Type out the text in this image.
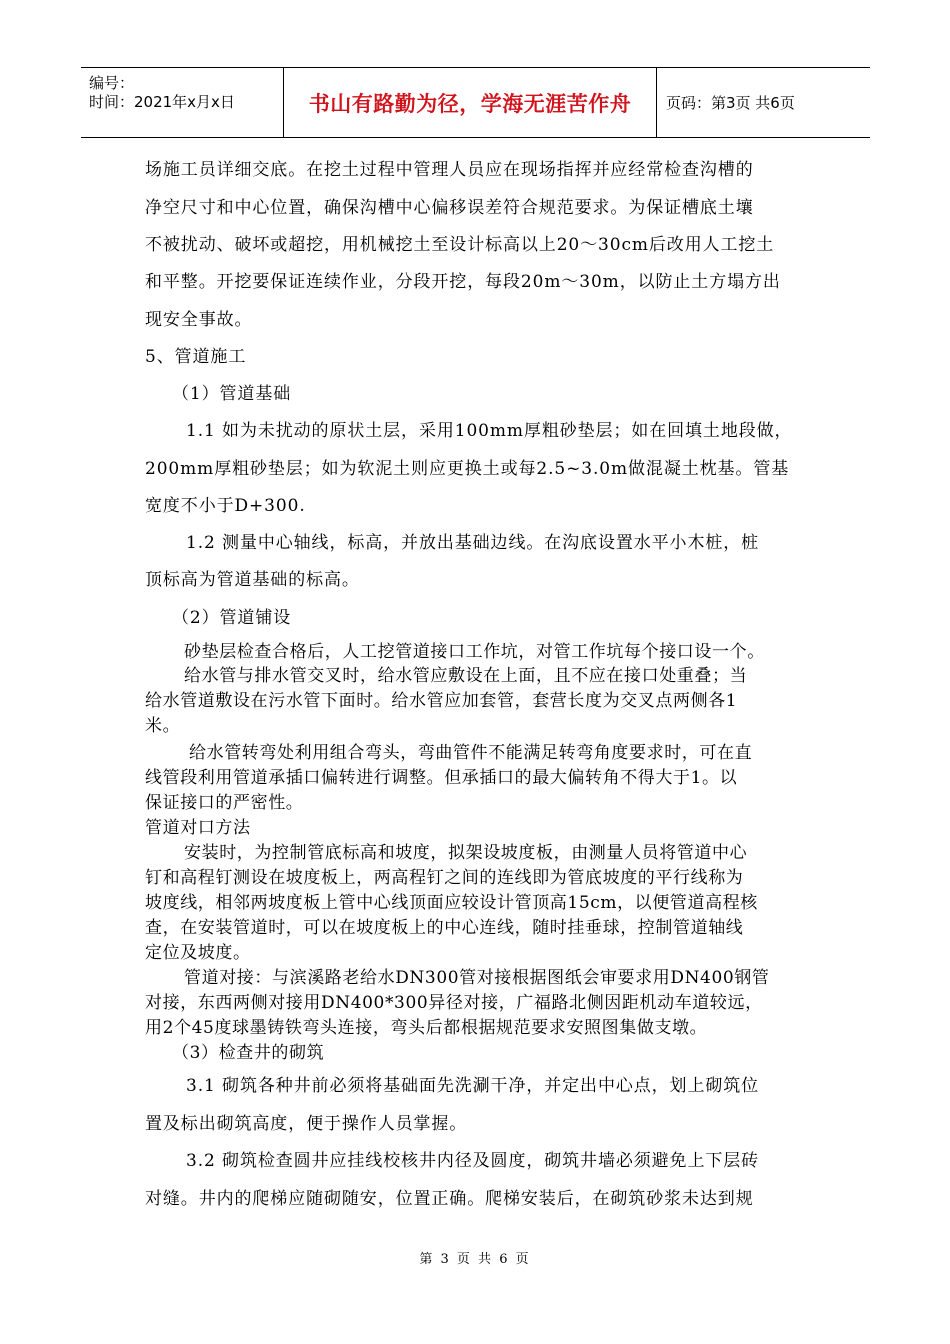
编号：
时间：2021年x月x日	书山有路勤为径，学海无涯苦作舟	页码：第3页 共6页
场施工员详细交底。在挖土过程中管理人员应在现场指挥并应经常检查沟槽的
净空尺寸和中心位置，确保沟槽中心偏移误差符合规范要求。为保证槽底土壤
不被扰动、破坏或超挖，用机械挖土至设计标高以上20～30cm后改用人工挖土
和平整。开挖要保证连续作业，分段开挖，每段20m～30m，以防止土方塌方出
现安全事故。
5、管道施工
（1）管道基础
1.1 如为未扰动的原状土层，采用100mm厚粗砂垫层；如在回填土地段做，
200mm厚粗砂垫层；如为软泥土则应更换土或每2.5~3.0m做混凝土枕基。管基
宽度不小于D+300.
1.2 测量中心轴线，标高，并放出基础边线。在沟底设置水平小木桩，桩
顶标高为管道基础的标高。
（2）管道铺设
砂垫层检查合格后，人工挖管道接口工作坑，对管工作坑每个接口设一个。
给水管与排水管交叉时，给水管应敷设在上面，且不应在接口处重叠；当
给水管道敷设在污水管下面时。给水管应加套管，套营长度为交叉点两侧各1
米。
给水管转弯处利用组合弯头，弯曲管件不能满足转弯角度要求时，可在直
线管段利用管道承插口偏转进行调整。但承插口的最大偏转角不得大于1。以
保证接口的严密性。
管道对口方法
安装时，为控制管底标高和坡度，拟架设坡度板，由测量人员将管道中心
钉和高程钉测设在坡度板上，两高程钉之间的连线即为管底坡度的平行线称为
坡度线，相邻两坡度板上管中心线顶面应较设计管顶高15cm，以便管道高程核
查，在安装管道时，可以在坡度板上的中心连线，随时挂垂球，控制管道轴线
定位及坡度。
管道对接：与滨溪路老给水DN300管对接根据图纸会审要求用DN400钢管
对接，东西两侧对接用DN400*300异径对接，广福路北侧因距机动车道较远，
用2个45度球墨铸铁弯头连接，弯头后都根据规范要求安照图集做支墩。
（3）检查井的砌筑
3.1 砌筑各种井前必须将基础面先洗涮干净，并定出中心点，划上砌筑位
置及标出砌筑高度，便于操作人员掌握。
3.2 砌筑检查圆井应挂线校核井内径及圆度，砌筑井墙必须避免上下层砖
对缝。井内的爬梯应随砌随安，位置正确。爬梯安装后，在砌筑砂浆未达到规
第 3 页 共 6 页
